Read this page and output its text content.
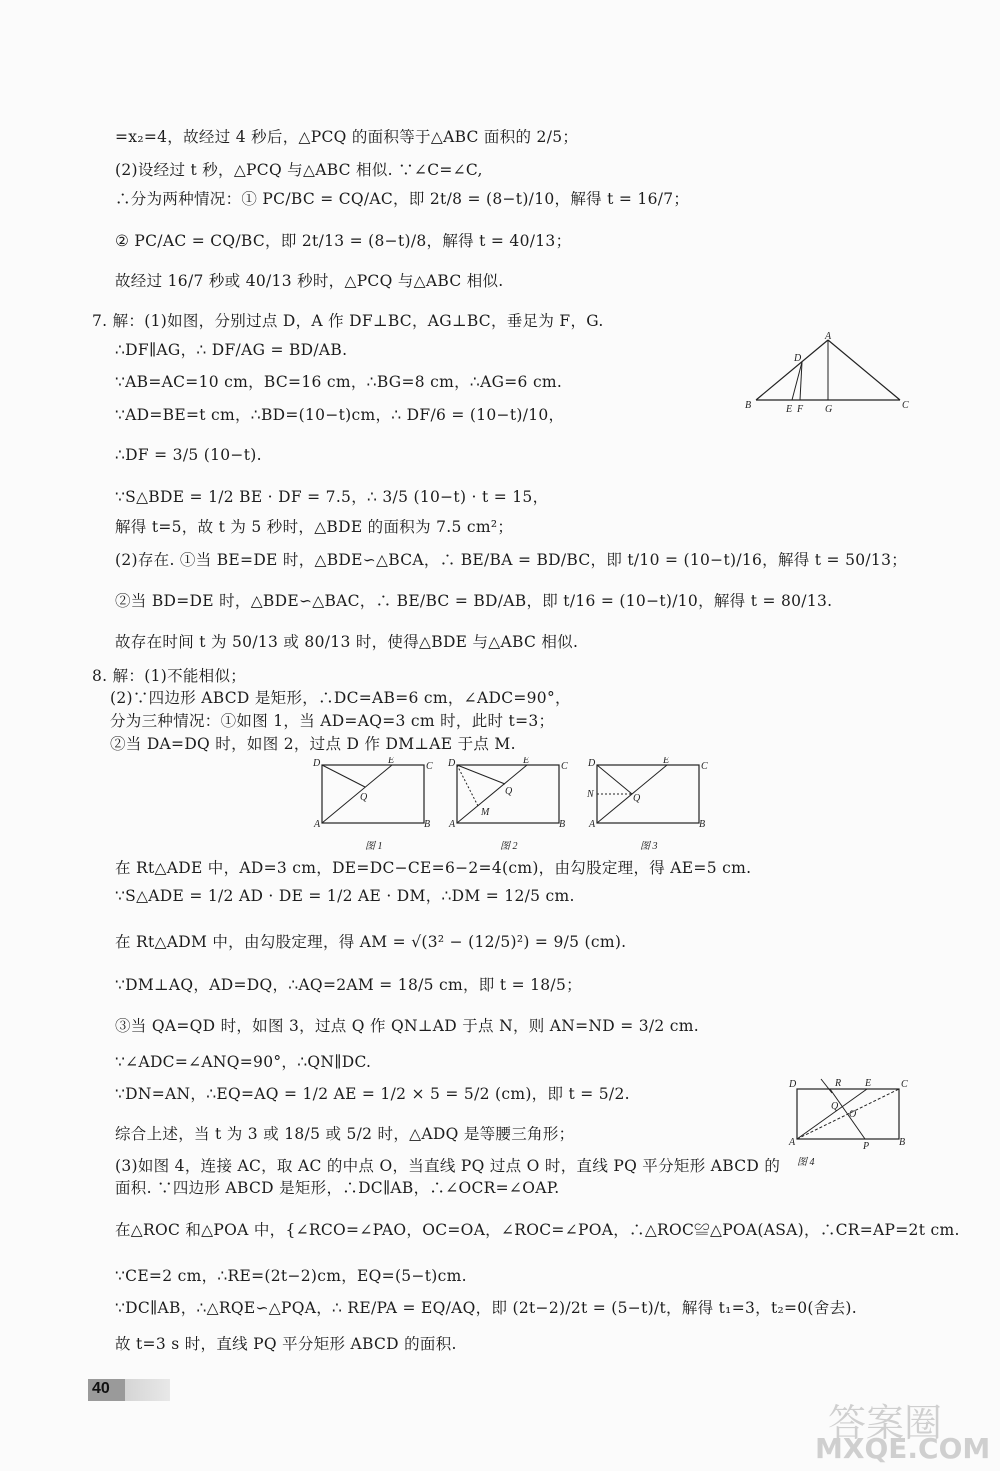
=x₂=4，故经过 4 秒后，△PCQ 的面积等于△ABC 面积的 2/5；
(2)设经过 t 秒，△PCQ 与△ABC 相似. ∵∠C=∠C,
∴分为两种情况：① PC/BC = CQ/AC，即 2t/8 = (8−t)/10，解得 t = 16/7；
② PC/AC = CQ/BC，即 2t/13 = (8−t)/8，解得 t = 40/13；
故经过 16/7 秒或 40/13 秒时，△PCQ 与△ABC 相似.
7. 解：(1)如图，分别过点 D，A 作 DF⊥BC，AG⊥BC，垂足为 F，G.
∴DF∥AG，∴ DF/AG = BD/AB.
∵AB=AC=10 cm，BC=16 cm，∴BG=8 cm，∴AG=6 cm.
∵AD=BE=t cm，∴BD=(10−t)cm，∴ DF/6 = (10−t)/10，
∴DF = 3/5 (10−t).
∵S△BDE = 1/2 BE · DF = 7.5，∴ 3/5 (10−t) · t = 15，
解得 t=5，故 t 为 5 秒时，△BDE 的面积为 7.5 cm²；
(2)存在. ①当 BE=DE 时，△BDE∽△BCA，∴ BE/BA = BD/BC，即 t/10 = (10−t)/16，解得 t = 50/13；
②当 BD=DE 时，△BDE∽△BAC，∴ BE/BC = BD/AB，即 t/16 = (10−t)/10，解得 t = 80/13.
故存在时间 t 为 50/13 或 80/13 时，使得△BDE 与△ABC 相似.
8. 解：(1)不能相似；
(2)∵四边形 ABCD 是矩形，∴DC=AB=6 cm，∠ADC=90°，
分为三种情况：①如图 1，当 AD=AQ=3 cm 时，此时 t=3；
②当 DA=DQ 时，如图 2，过点 D 作 DM⊥AE 于点 M.
在 Rt△ADE 中，AD=3 cm，DE=DC−CE=6−2=4(cm)，由勾股定理，得 AE=5 cm.
∵S△ADE = 1/2 AD · DE = 1/2 AE · DM，∴DM = 12/5 cm.
在 Rt△ADM 中，由勾股定理，得 AM = √(3² − (12/5)²) = 9/5 (cm).
∵DM⊥AQ，AD=DQ，∴AQ=2AM = 18/5 cm，即 t = 18/5；
③当 QA=QD 时，如图 3，过点 Q 作 QN⊥AD 于点 N，则 AN=ND = 3/2 cm.
∵∠ADC=∠ANQ=90°，∴QN∥DC.
∵DN=AN，∴EQ=AQ = 1/2 AE = 1/2 × 5 = 5/2 (cm)，即 t = 5/2.
综合上述，当 t 为 3 或 18/5 或 5/2 时，△ADQ 是等腰三角形；
(3)如图 4，连接 AC，取 AC 的中点 O，当直线 PQ 过点 O 时，直线 PQ 平分矩形 ABCD 的
面积. ∵四边形 ABCD 是矩形，∴DC∥AB，∴∠OCR=∠OAP.
在△ROC 和△POA 中，{∠RCO=∠PAO，OC=OA，∠ROC=∠POA，∴△ROC≌△POA(ASA)，∴CR=AP=2t cm.
∵CE=2 cm，∴RE=(2t−2)cm，EQ=(5−t)cm.
∵DC∥AB，∴△RQE∽△PQA，∴ RE/PA = EQ/AQ，即 (2t−2)/2t = (5−t)/t，解得 t₁=3，t₂=0(舍去).
故 t=3 s 时，直线 PQ 平分矩形 ABCD 的面积.
A
D
B	E F G	C
D	E
C
Q
A	B
图 1
D	E
C
Q
M
A	B
图 2
D	E
C
N	Q
A	B
图 3
D	R E	C
Q
O
A	P	B
图 4
40
答案圈
MXQE.COM
